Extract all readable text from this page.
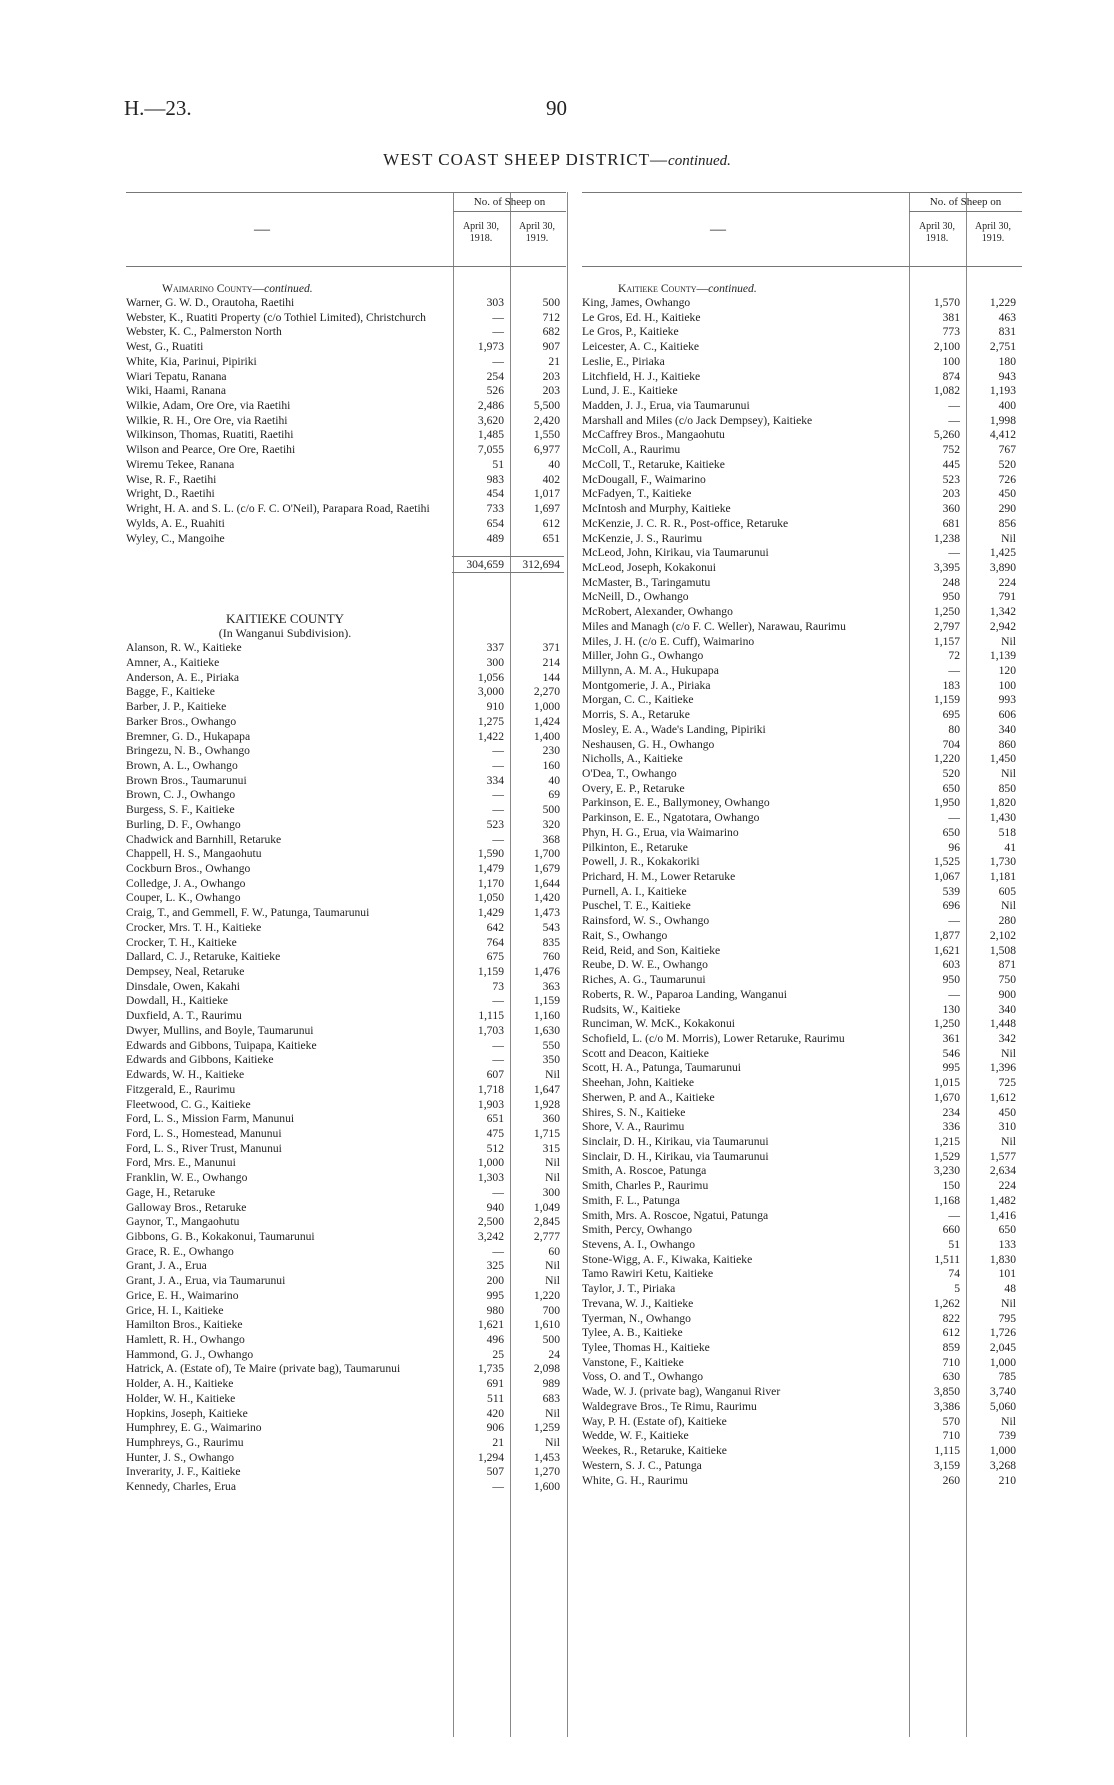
H.—23.	90
WEST COAST SHEEP DISTRICT—continued.
—
No. of Sheep on
April 30, 1918.
April 30, 1919.
Waimarino County—continued.
Warner, G. W. D., Orautoha, Raetihi	303	500
Webster, K., Ruatiti Property (c/o Tothiel Limited), Christchurch	—	712
Webster, K. C., Palmerston North	—	682
West, G., Ruatiti	1,973	907
White, Kia, Parinui, Pipiriki	—	21
Wiari Tepatu, Ranana	254	203
Wiki, Haami, Ranana	526	203
Wilkie, Adam, Ore Ore, via Raetihi	2,486	5,500
Wilkie, R. H., Ore Ore, via Raetihi	3,620	2,420
Wilkinson, Thomas, Ruatiti, Raetihi	1,485	1,550
Wilson and Pearce, Ore Ore, Raetihi	7,055	6,977
Wiremu Tekee, Ranana	51	40
Wise, R. F., Raetihi	983	402
Wright, D., Raetihi	454	1,017
Wright, H. A. and S. L. (c/o F. C. O'Neil), Parapara Road, Raetihi	733	1,697
Wylds, A. E., Ruahiti	654	612
Wyley, C., Mangoihe	489	651
304,659	312,694
KAITIEKE COUNTY
(In Wanganui Subdivision).
Alanson, R. W., Kaitieke	337	371
Amner, A., Kaitieke	300	214
Anderson, A. E., Piriaka	1,056	144
Bagge, F., Kaitieke	3,000	2,270
Barber, J. P., Kaitieke	910	1,000
Barker Bros., Owhango	1,275	1,424
Bremner, G. D., Hukapapa	1,422	1,400
Bringezu, N. B., Owhango	—	230
Brown, A. L., Owhango	—	160
Brown Bros., Taumarunui	334	40
Brown, C. J., Owhango	—	69
Burgess, S. F., Kaitieke	—	500
Burling, D. F., Owhango	523	320
Chadwick and Barnhill, Retaruke	—	368
Chappell, H. S., Mangaohutu	1,590	1,700
Cockburn Bros., Owhango	1,479	1,679
Colledge, J. A., Owhango	1,170	1,644
Couper, L. K., Owhango	1,050	1,420
Craig, T., and Gemmell, F. W., Patunga, Taumarunui	1,429	1,473
Crocker, Mrs. T. H., Kaitieke	642	543
Crocker, T. H., Kaitieke	764	835
Dallard, C. J., Retaruke, Kaitieke	675	760
Dempsey, Neal, Retaruke	1,159	1,476
Dinsdale, Owen, Kakahi	73	363
Dowdall, H., Kaitieke	—	1,159
Duxfield, A. T., Raurimu	1,115	1,160
Dwyer, Mullins, and Boyle, Taumarunui	1,703	1,630
Edwards and Gibbons, Tuipapa, Kaitieke	—	550
Edwards and Gibbons, Kaitieke	—	350
Edwards, W. H., Kaitieke	607	Nil
Fitzgerald, E., Raurimu	1,718	1,647
Fleetwood, C. G., Kaitieke	1,903	1,928
Ford, L. S., Mission Farm, Manunui	651	360
Ford, L. S., Homestead, Manunui	475	1,715
Ford, L. S., River Trust, Manunui	512	315
Ford, Mrs. E., Manunui	1,000	Nil
Franklin, W. E., Owhango	1,303	Nil
Gage, H., Retaruke	—	300
Galloway Bros., Retaruke	940	1,049
Gaynor, T., Mangaohutu	2,500	2,845
Gibbons, G. B., Kokakonui, Taumarunui	3,242	2,777
Grace, R. E., Owhango	—	60
Grant, J. A., Erua	325	Nil
Grant, J. A., Erua, via Taumarunui	200	Nil
Grice, E. H., Waimarino	995	1,220
Grice, H. I., Kaitieke	980	700
Hamilton Bros., Kaitieke	1,621	1,610
Hamlett, R. H., Owhango	496	500
Hammond, G. J., Owhango	25	24
Hatrick, A. (Estate of), Te Maire (private bag), Taumarunui	1,735	2,098
Holder, A. H., Kaitieke	691	989
Holder, W. H., Kaitieke	511	683
Hopkins, Joseph, Kaitieke	420	Nil
Humphrey, E. G., Waimarino	906	1,259
Humphreys, G., Raurimu	21	Nil
Hunter, J. S., Owhango	1,294	1,453
Inverarity, J. F., Kaitieke	507	1,270
Kennedy, Charles, Erua	—	1,600
—
No. of Sheep on
April 30, 1918.
April 30, 1919.
Kaitieke County—continued.
King, James, Owhango	1,570	1,229
Le Gros, Ed. H., Kaitieke	381	463
Le Gros, P., Kaitieke	773	831
Leicester, A. C., Kaitieke	2,100	2,751
Leslie, E., Piriaka	100	180
Litchfield, H. J., Kaitieke	874	943
Lund, J. E., Kaitieke	1,082	1,193
Madden, J. J., Erua, via Taumarunui	—	400
Marshall and Miles (c/o Jack Dempsey), Kaitieke	—	1,998
McCaffrey Bros., Mangaohutu	5,260	4,412
McColl, A., Raurimu	752	767
McColl, T., Retaruke, Kaitieke	445	520
McDougall, F., Waimarino	523	726
McFadyen, T., Kaitieke	203	450
McIntosh and Murphy, Kaitieke	360	290
McKenzie, J. C. R. R., Post-office, Retaruke	681	856
McKenzie, J. S., Raurimu	1,238	Nil
McLeod, John, Kirikau, via Taumarunui	—	1,425
McLeod, Joseph, Kokakonui	3,395	3,890
McMaster, B., Taringamutu	248	224
McNeill, D., Owhango	950	791
McRobert, Alexander, Owhango	1,250	1,342
Miles and Managh (c/o F. C. Weller), Narawau, Raurimu	2,797	2,942
Miles, J. H. (c/o E. Cuff), Waimarino	1,157	Nil
Miller, John G., Owhango	72	1,139
Millynn, A. M. A., Hukupapa	—	120
Montgomerie, J. A., Piriaka	183	100
Morgan, C. C., Kaitieke	1,159	993
Morris, S. A., Retaruke	695	606
Mosley, E. A., Wade's Landing, Pipiriki	80	340
Neshausen, G. H., Owhango	704	860
Nicholls, A., Kaitieke	1,220	1,450
O'Dea, T., Owhango	520	Nil
Overy, E. P., Retaruke	650	850
Parkinson, E. E., Ballymoney, Owhango	1,950	1,820
Parkinson, E. E., Ngatotara, Owhango	—	1,430
Phyn, H. G., Erua, via Waimarino	650	518
Pilkinton, E., Retaruke	96	41
Powell, J. R., Kokakoriki	1,525	1,730
Prichard, H. M., Lower Retaruke	1,067	1,181
Purnell, A. I., Kaitieke	539	605
Puschel, T. E., Kaitieke	696	Nil
Rainsford, W. S., Owhango	—	280
Rait, S., Owhango	1,877	2,102
Reid, Reid, and Son, Kaitieke	1,621	1,508
Reube, D. W. E., Owhango	603	871
Riches, A. G., Taumarunui	950	750
Roberts, R. W., Paparoa Landing, Wanganui	—	900
Rudsits, W., Kaitieke	130	340
Runciman, W. McK., Kokakonui	1,250	1,448
Schofield, L. (c/o M. Morris), Lower Retaruke, Raurimu	361	342
Scott and Deacon, Kaitieke	546	Nil
Scott, H. A., Patunga, Taumarunui	995	1,396
Sheehan, John, Kaitieke	1,015	725
Sherwen, P. and A., Kaitieke	1,670	1,612
Shires, S. N., Kaitieke	234	450
Shore, V. A., Raurimu	336	310
Sinclair, D. H., Kirikau, via Taumarunui	1,215	Nil
Sinclair, D. H., Kirikau, via Taumarunui	1,529	1,577
Smith, A. Roscoe, Patunga	3,230	2,634
Smith, Charles P., Raurimu	150	224
Smith, F. L., Patunga	1,168	1,482
Smith, Mrs. A. Roscoe, Ngatui, Patunga	—	1,416
Smith, Percy, Owhango	660	650
Stevens, A. I., Owhango	51	133
Stone-Wigg, A. F., Kiwaka, Kaitieke	1,511	1,830
Tamo Rawiri Ketu, Kaitieke	74	101
Taylor, J. T., Piriaka	5	48
Trevana, W. J., Kaitieke	1,262	Nil
Tyerman, N., Owhango	822	795
Tylee, A. B., Kaitieke	612	1,726
Tylee, Thomas H., Kaitieke	859	2,045
Vanstone, F., Kaitieke	710	1,000
Voss, O. and T., Owhango	630	785
Wade, W. J. (private bag), Wanganui River	3,850	3,740
Waldegrave Bros., Te Rimu, Raurimu	3,386	5,060
Way, P. H. (Estate of), Kaitieke	570	Nil
Wedde, W. F., Kaitieke	710	739
Weekes, R., Retaruke, Kaitieke	1,115	1,000
Western, S. J. C., Patunga	3,159	3,268
White, G. H., Raurimu	260	210
